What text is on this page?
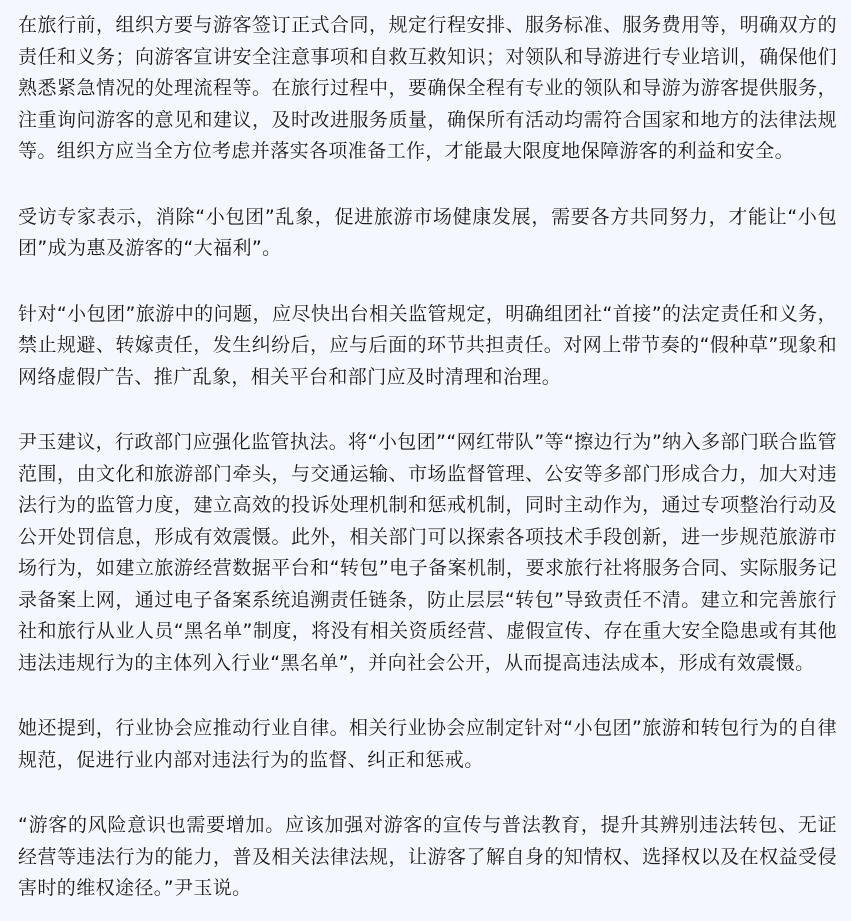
在旅行前，组织方要与游客签订正式合同，规定行程安排、服务标准、服务费用等，明确双方的责任和义务；向游客宣讲安全注意事项和自救互救知识；对领队和导游进行专业培训，确保他们熟悉紧急情况的处理流程等。在旅行过程中，要确保全程有专业的领队和导游为游客提供服务，注重询问游客的意见和建议，及时改进服务质量，确保所有活动均需符合国家和地方的法律法规等。组织方应当全方位考虑并落实各项准备工作，才能最大限度地保障游客的利益和安全。

受访专家表示，消除“小包团”乱象，促进旅游市场健康发展，需要各方共同努力，才能让“小包团”成为惠及游客的“大福利”。

针对“小包团”旅游中的问题，应尽快出台相关监管规定，明确组团社“首接”的法定责任和义务，禁止规避、转嫁责任，发生纠纷后，应与后面的环节共担责任。对网上带节奏的“假种草”现象和网络虚假广告、推广乱象，相关平台和部门应及时清理和治理。

尹玉建议，行政部门应强化监管执法。将“小包团”“网红带队”等“擦边行为”纳入多部门联合监管范围，由文化和旅游部门牵头，与交通运输、市场监督管理、公安等多部门形成合力，加大对违法行为的监管力度，建立高效的投诉处理机制和惩戒机制，同时主动作为，通过专项整治行动及公开处罚信息，形成有效震慑。此外，相关部门可以探索各项技术手段创新，进一步规范旅游市场行为，如建立旅游经营数据平台和“转包”电子备案机制，要求旅行社将服务合同、实际服务记录备案上网，通过电子备案系统追溯责任链条，防止层层“转包”导致责任不清。建立和完善旅行社和旅行从业人员“黑名单”制度，将没有相关资质经营、虚假宣传、存在重大安全隐患或有其他违法违规行为的主体列入行业“黑名单”，并向社会公开，从而提高违法成本，形成有效震慑。

她还提到，行业协会应推动行业自律。相关行业协会应制定针对“小包团”旅游和转包行为的自律规范，促进行业内部对违法行为的监督、纠正和惩戒。

“游客的风险意识也需要增加。应该加强对游客的宣传与普法教育，提升其辨别违法转包、无证经营等违法行为的能力，普及相关法律法规，让游客了解自身的知情权、选择权以及在权益受侵害时的维权途径。”尹玉说。
